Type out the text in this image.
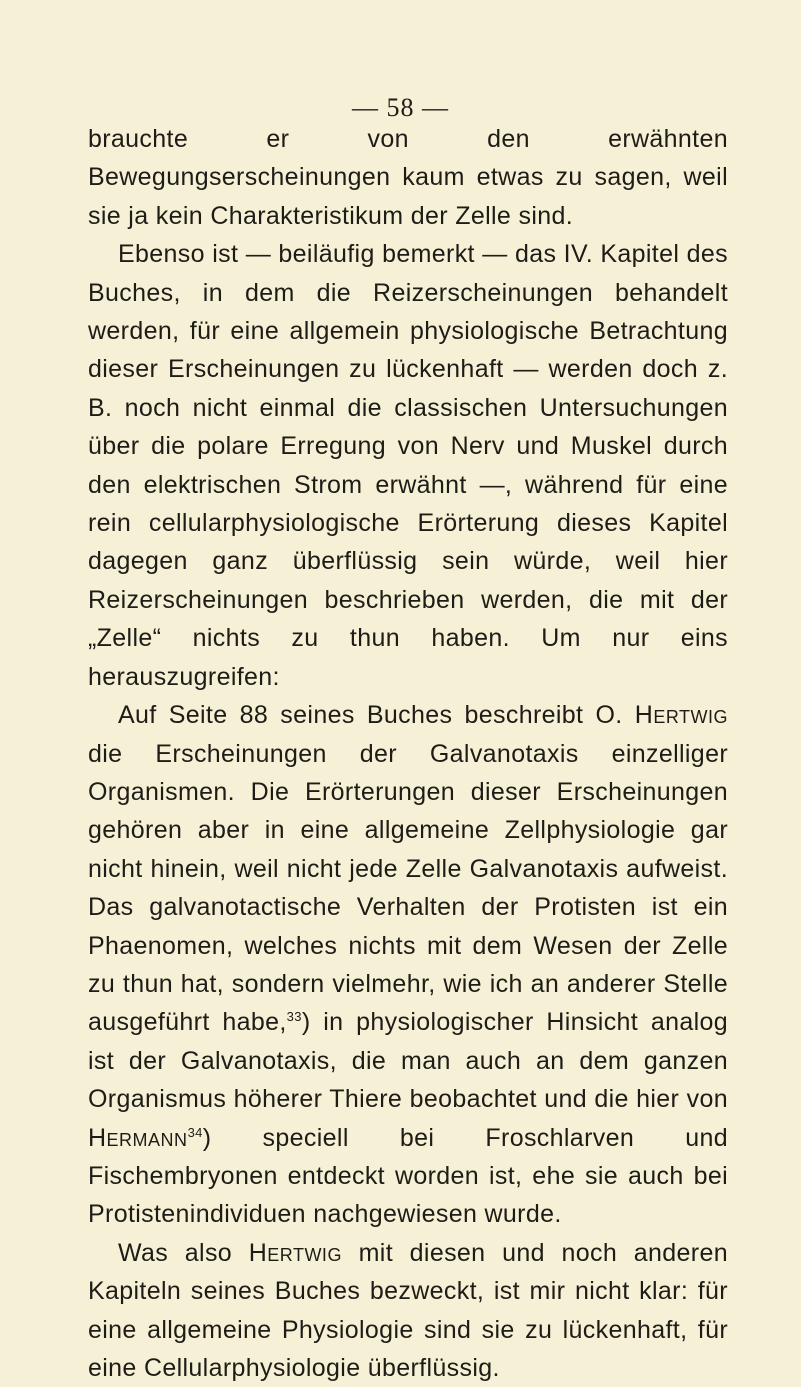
— 58 —

brauchte er von den erwähnten Bewegungserscheinungen kaum etwas zu sagen, weil sie ja kein Charakteristikum der Zelle sind.

Ebenso ist — beiläufig bemerkt — das IV. Kapitel des Buches, in dem die Reizerscheinungen behandelt werden, für eine allgemein physiologische Betrachtung dieser Erscheinungen zu lückenhaft — werden doch z. B. noch nicht einmal die classischen Untersuchungen über die polare Erregung von Nerv und Muskel durch den elektrischen Strom erwähnt —, während für eine rein cellularphysiologische Erörterung dieses Kapitel dagegen ganz überflüssig sein würde, weil hier Reizerscheinungen beschrieben werden, die mit der „Zelle“ nichts zu thun haben. Um nur eins herauszugreifen:

Auf Seite 88 seines Buches beschreibt O. Hertwig die Erscheinungen der Galvanotaxis einzelliger Organismen. Die Erörterungen dieser Erscheinungen gehören aber in eine allgemeine Zellphysiologie gar nicht hinein, weil nicht jede Zelle Galvanotaxis aufweist. Das galvanotactische Verhalten der Protisten ist ein Phaenomen, welches nichts mit dem Wesen der Zelle zu thun hat, sondern vielmehr, wie ich an anderer Stelle ausgeführt habe,$^{33}$) in physiologischer Hinsicht analog ist der Galvanotaxis, die man auch an dem ganzen Organismus höherer Thiere beobachtet und die hier von Hermann$^{34}$) speciell bei Froschlarven und Fischembryonen entdeckt worden ist, ehe sie auch bei Protistenindividuen nachgewiesen wurde.

Was also Hertwig mit diesen und noch anderen Kapiteln seines Buches bezweckt, ist mir nicht klar: für eine allgemeine Physiologie sind sie zu lückenhaft, für eine Cellularphysiologie überflüssig.
